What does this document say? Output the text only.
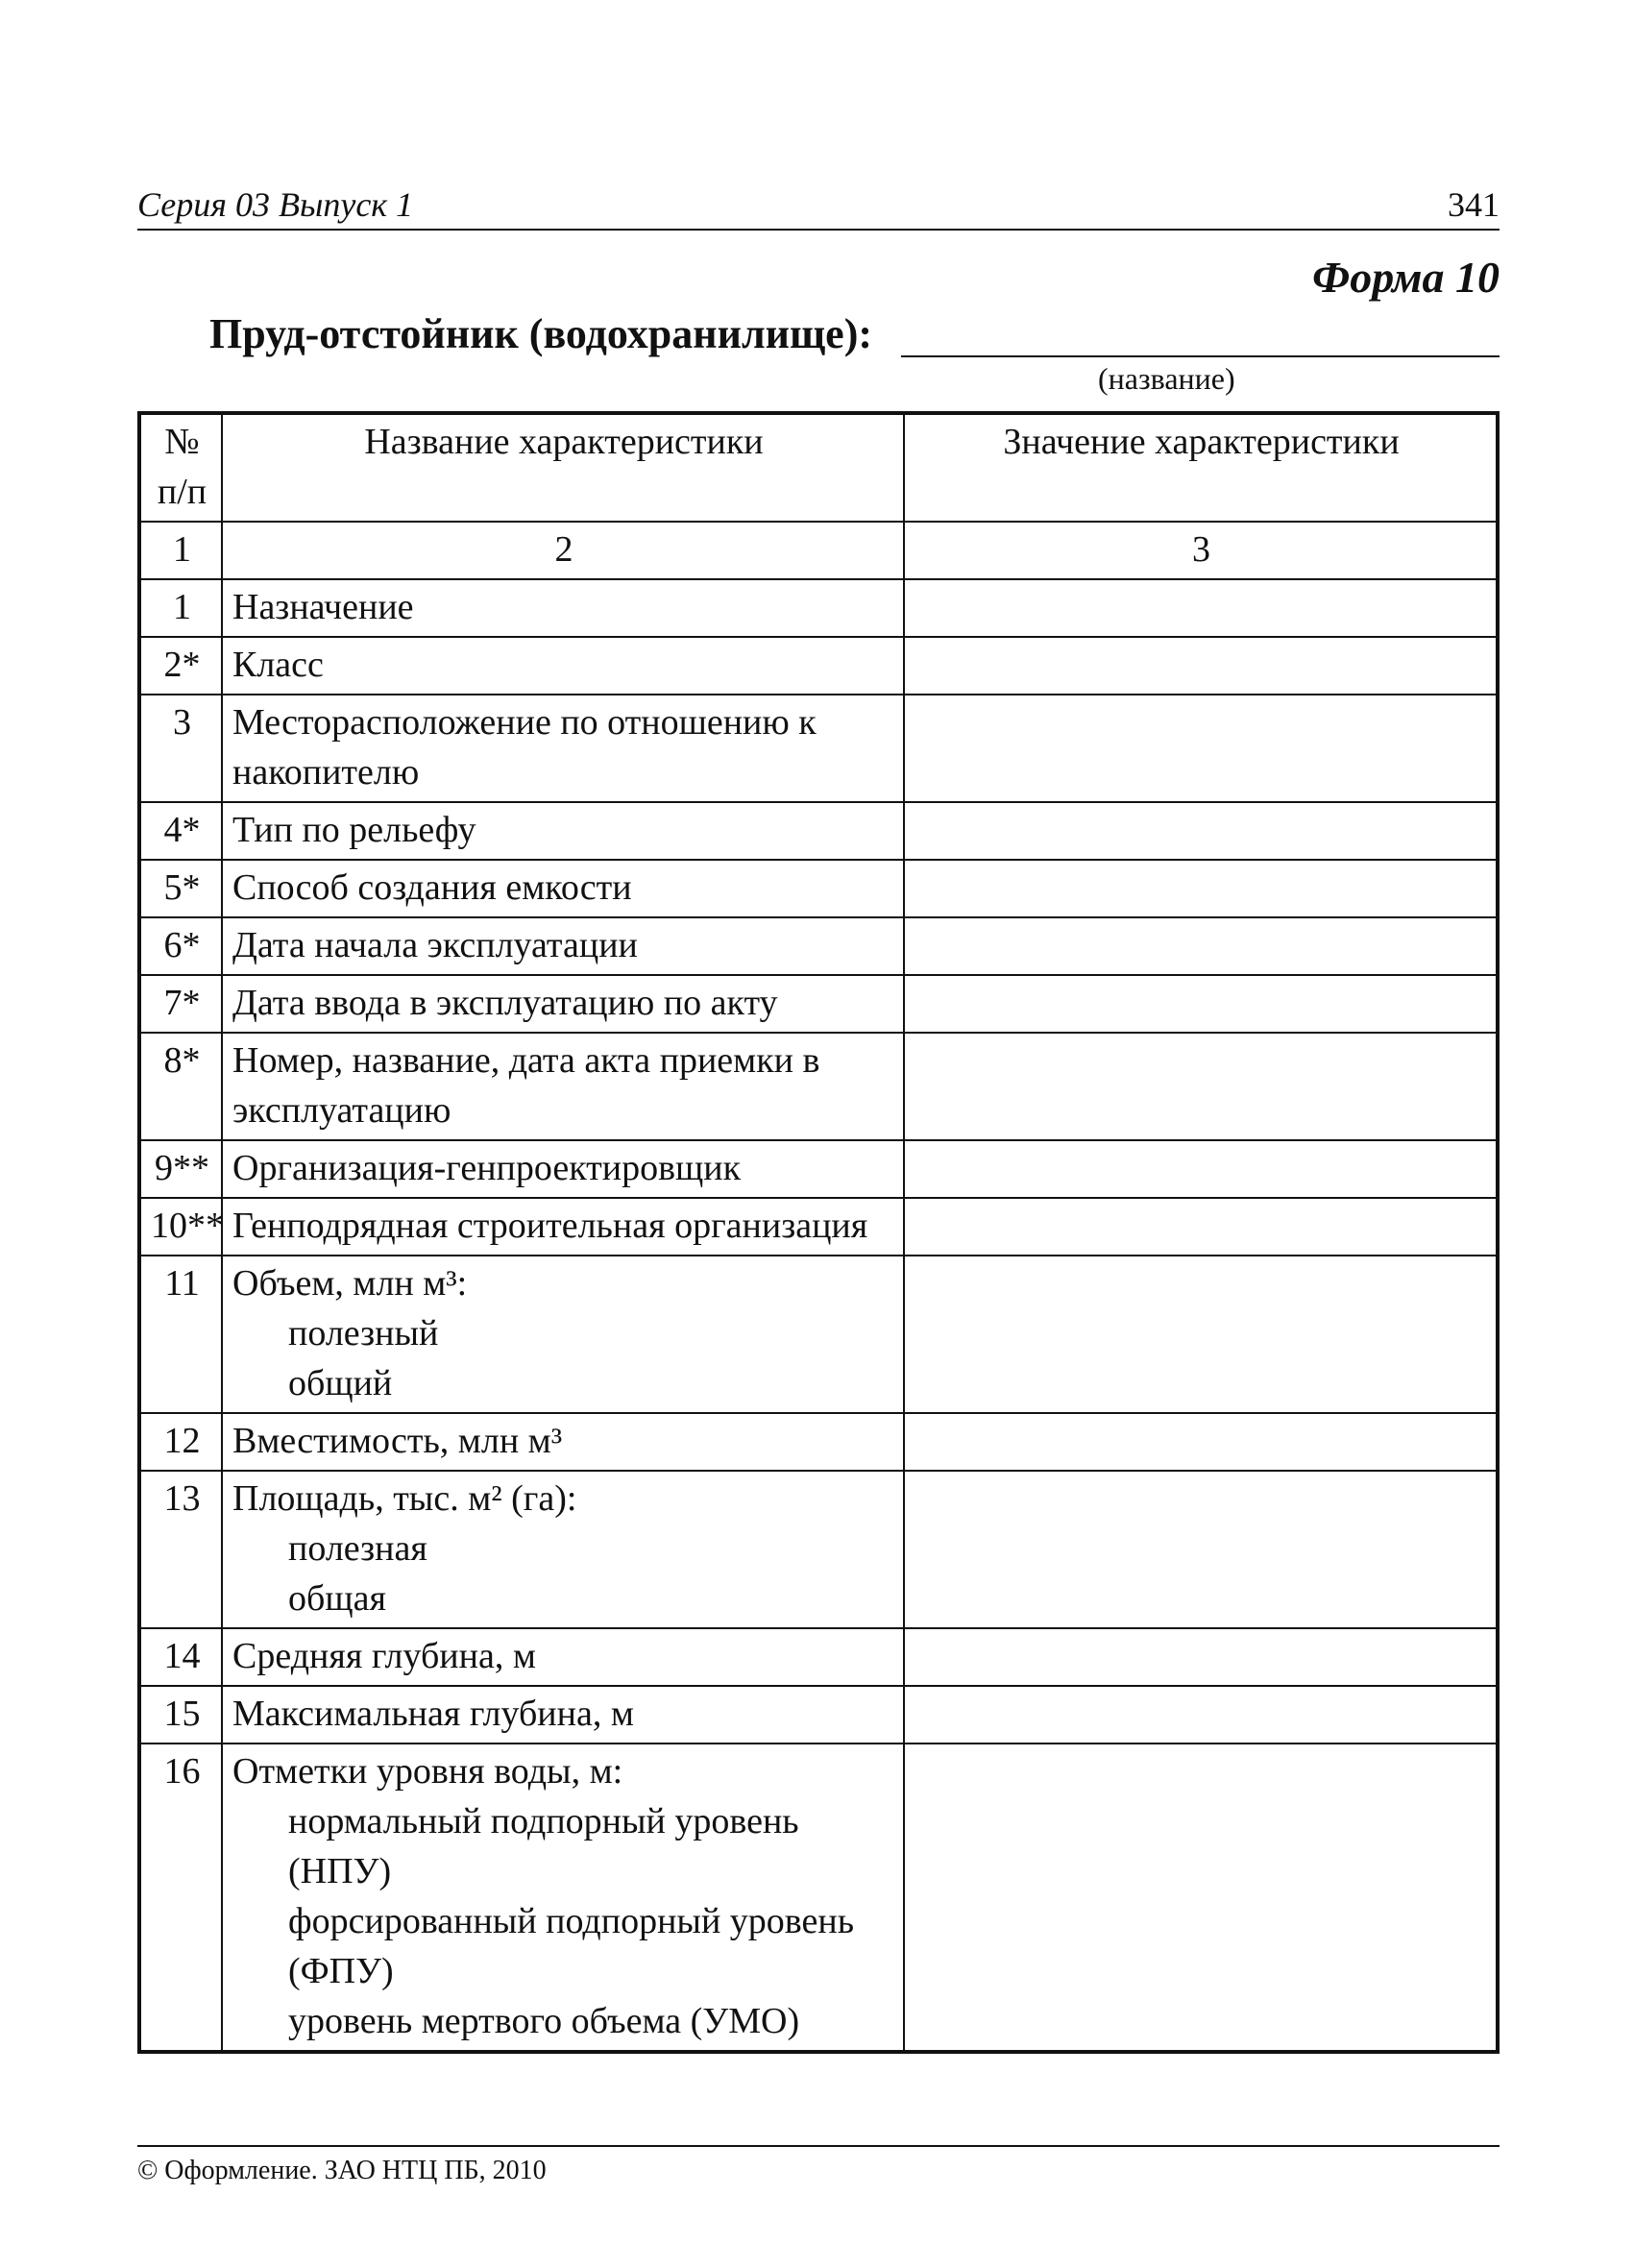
Серия 03 Выпуск 1	341
Форма 10
Пруд-отстойник (водохранилище):
(название)
№ п/п	Название характеристики	Значение характеристики
1	2	3
1	Назначение	
2*	Класс	
3	Месторасположение по отношению к накопителю	
4*	Тип по рельефу	
5*	Способ создания емкости	
6*	Дата начала эксплуатации	
7*	Дата ввода в эксплуатацию по акту	
8*	Номер, название, дата акта приемки в эксплуатацию	
9**	Организация-генпроектировщик	
10**	Генподрядная строительная организация	
11	Объем, млн м³:
полезный
общий	

12	Вместимость, млн м³	
13	Площадь, тыс. м² (га):
полезная
общая	

14	Средняя глубина, м	
15	Максимальная глубина, м	
16	Отметки уровня воды, м:
нормальный подпорный уровень (НПУ)
форсированный подпорный уровень (ФПУ)
уровень мертвого объема (УМО)	

© Оформление. ЗАО НТЦ ПБ, 2010
